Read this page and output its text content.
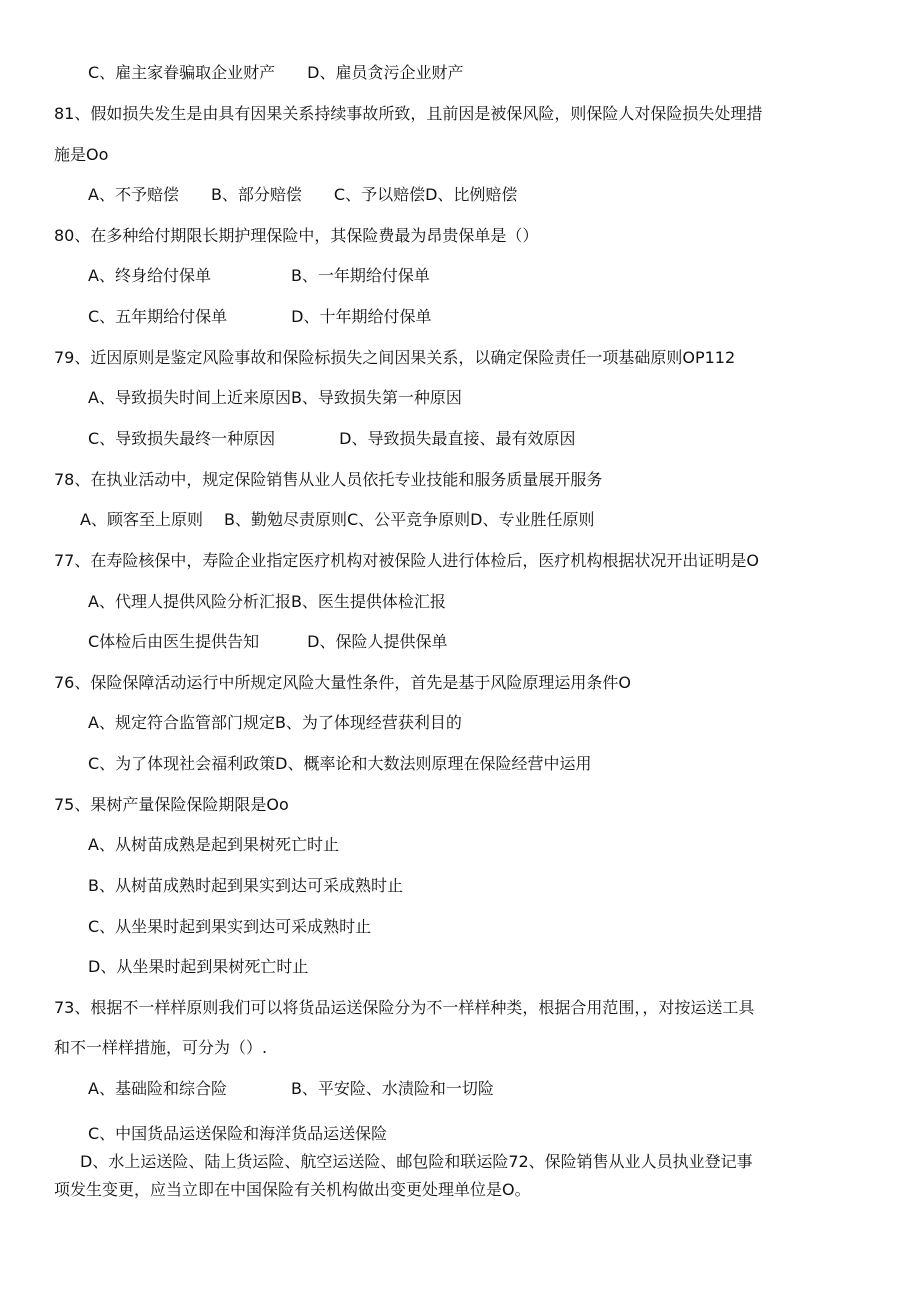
C、雇主家眷骗取企业财产　　D、雇员贪污企业财产
81、假如损失发生是由具有因果关系持续事故所致，且前因是被保风险，则保险人对保险损失处理措
施是Oo
A、不予赔偿　　B、部分赔偿　　C、予以赔偿D、比例赔偿
80、在多种给付期限长期护理保险中，其保险费最为昂贵保单是（）
A、终身给付保单　　　　　B、一年期给付保单
C、五年期给付保单　　　　D、十年期给付保单
79、近因原则是鉴定风险事故和保险标损失之间因果关系，以确定保险责任一项基础原则OP112
A、导致损失时间上近来原因B、导致损失第一种原因
C、导致损失最终一种原因　　　　D、导致损失最直接、最有效原因
78、在执业活动中，规定保险销售从业人员依托专业技能和服务质量展开服务
A、顾客至上原则　 B、勤勉尽责原则C、公平竞争原则D、专业胜任原则
77、在寿险核保中，寿险企业指定医疗机构对被保险人进行体检后，医疗机构根据状况开出证明是O
A、代理人提供风险分析汇报B、医生提供体检汇报
C体检后由医生提供告知　　　D、保险人提供保单
76、保险保障活动运行中所规定风险大量性条件，首先是基于风险原理运用条件O
A、规定符合监管部门规定B、为了体现经营获利目的
C、为了体现社会福利政策D、概率论和大数法则原理在保险经营中运用
75、果树产量保险保险期限是Oo
A、从树苗成熟是起到果树死亡时止
B、从树苗成熟时起到果实到达可采成熟时止
C、从坐果时起到果实到达可采成熟时止
D、从坐果时起到果树死亡时止
73、根据不一样样原则我们可以将货品运送保险分为不一样样种类，根据合用范围，，对按运送工具
和不一样样措施，可分为（）.
A、基础险和综合险　　　　B、平安险、水渍险和一切险
C、中国货品运送保险和海洋货品运送保险
D、水上运送险、陆上货运险、航空运送险、邮包险和联运险72、保险销售从业人员执业登记事
项发生变更，应当立即在中国保险有关机构做出变更处理单位是O。
